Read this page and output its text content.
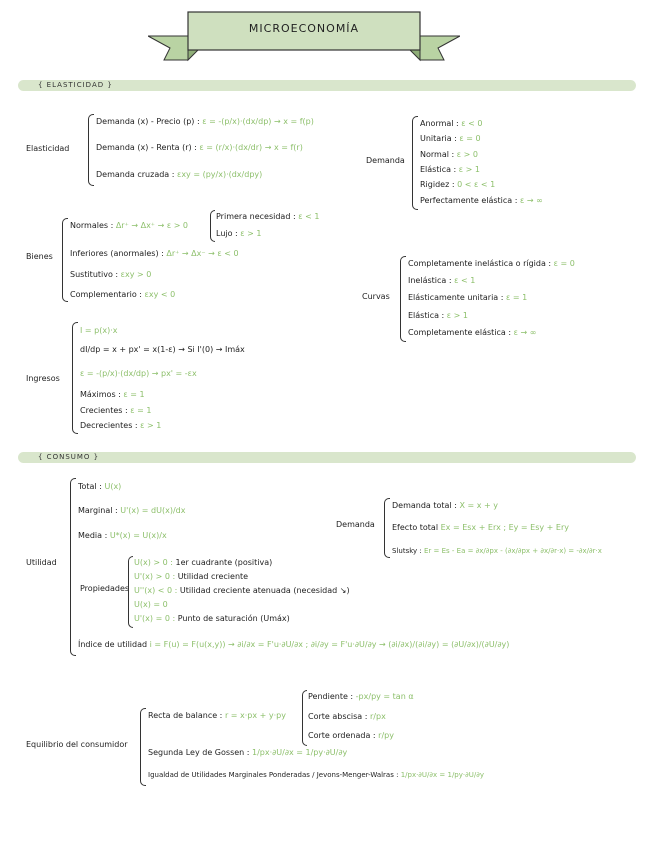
MICROECONOMÍA
{ ELASTICIDAD }
{ CONSUMO }
Elasticidad
Demanda (x) - Precio (p) : ε = -(p/x)·(dx/dp) → x = f(p)
Demanda (x) - Renta (r) : ε = (r/x)·(dx/dr) → x = f(r)
Demanda cruzada : εxy = (py/x)·(dx/dpy)
Demanda
Anormal : ε < 0
Unitaria : ε = 0
Normal : ε > 0
Elástica : ε > 1
Rigidez : 0 < ε < 1
Perfectamente elástica : ε → ∞
Bienes
Normales : Δr⁺ → Δx⁺ → ε > 0
Primera necesidad : ε < 1
Lujo : ε > 1
Inferiores (anormales) : Δr⁺ → Δx⁻ → ε < 0
Sustitutivo : εxy > 0
Complementario : εxy < 0	Curvas
Completamente inelástica o rígida : ε = 0
Inelástica : ε < 1
Elásticamente unitaria : ε = 1
Elástica : ε > 1
Completamente elástica : ε → ∞
Ingresos
I = p(x)·x
dI/dp = x + px' = x(1-ε) → Si I'(0) → Imáx
ε = -(p/x)·(dx/dp) → px' = -εx
Máximos : ε = 1
Crecientes : ε = 1
Decrecientes : ε > 1
Utilidad
Total : U(x)
Marginal : U'(x) = dU(x)/dx
Media : U*(x) = U(x)/x
Propiedades
U(x) > 0 : 1er cuadrante (positiva)
U'(x) > 0 : Utilidad creciente
U''(x) < 0 : Utilidad creciente atenuada (necesidad ↘)
U(x) = 0
U'(x) = 0 : Punto de saturación (Umáx)
Índice de utilidad i = F(u) = F(u(x,y)) → ∂i/∂x = F'u·∂U/∂x ; ∂i/∂y = F'u·∂U/∂y → (∂i/∂x)/(∂i/∂y) = (∂U/∂x)/(∂U/∂y)
Demanda
Demanda total : X = x + y
Efecto total Ex = Esx + Erx ; Ey = Esy + Ery
Slutsky : Er = Es - Ea = ∂x/∂px - (∂x/∂px + ∂x/∂r·x) = -∂x/∂r·x
Equilibrio del consumidor
Recta de balance : r = x·px + y·py
Pendiente : -px/py = tan α
Corte abscisa : r/px
Corte ordenada : r/py
Segunda Ley de Gossen : 1/px·∂U/∂x = 1/py·∂U/∂y
Igualdad de Utilidades Marginales Ponderadas / Jevons-Menger-Walras : 1/px·∂U/∂x = 1/py·∂U/∂y
